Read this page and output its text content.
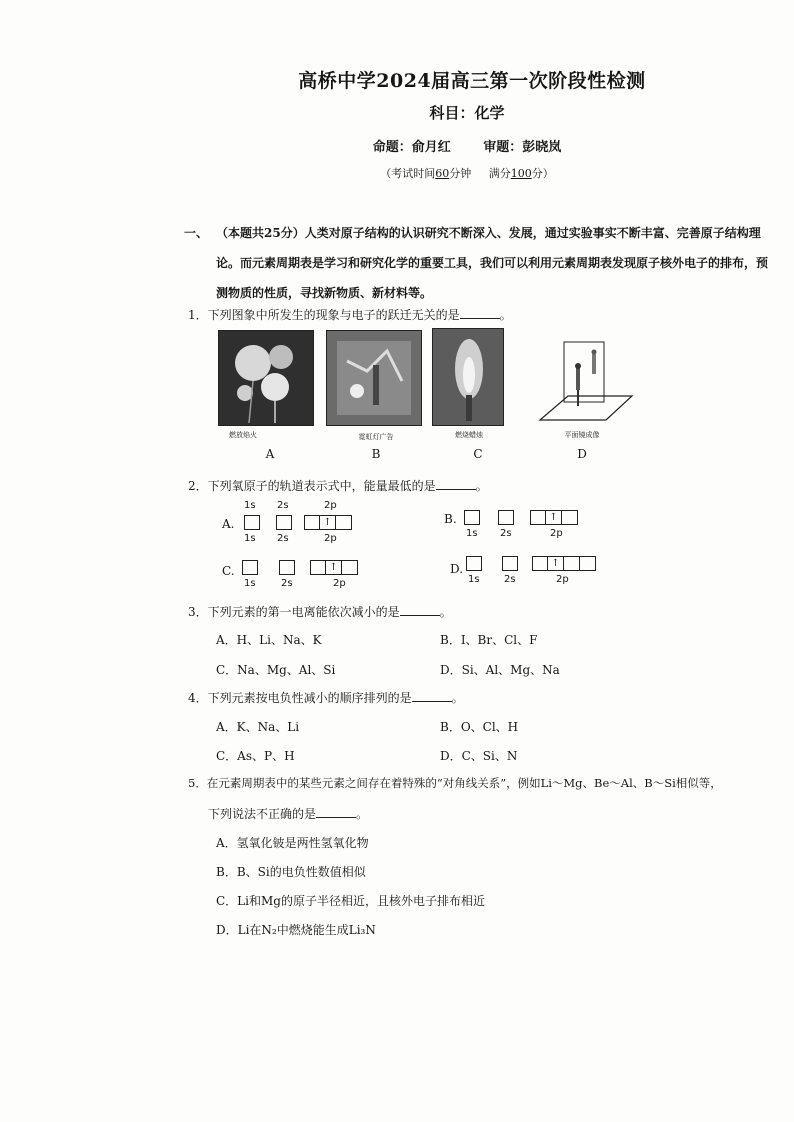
高桥中学2024届高三第一次阶段性检测
科目：化学
命题：俞月红	审题：彭晓岚
（考试时间60分钟 满分100分）
一、 （本题共25分）人类对原子结构的认识研究不断深入、发展，通过实验事实不断丰富、完善原子结构理论。而元素周期表是学习和研究化学的重要工具，我们可以利用元素周期表发现原子核外电子的排布，预测物质的性质，寻找新物质、新材料等。
1．下列图象中所发生的现象与电子的跃迁无关的是	。
燃放焰火	霓虹灯广告	燃烧蜡烛	平面镜成像
A	B	C	D
2．下列氧原子的轨道表示式中，能量最低的是	。
1s 2s	2p
A.	↑
1s 2s	2p
B.	↑
1s 2s	2p
C.	↑
1s	2s	2p
D.	↑
1s 2s	2p
3．下列元素的第一电离能依次减小的是	。
A．H、Li、Na、K	B．I、Br、Cl、F
C．Na、Mg、Al、Si	D．Si、Al、Mg、Na
4．下列元素按电负性减小的顺序排列的是	。
A．K、Na、Li	B．O、Cl、H
C．As、P、H	D．C、Si、N
5．在元素周期表中的某些元素之间存在着特殊的“对角线关系”，例如Li～Mg、Be～Al、B～Si相似等，
下列说法不正确的是	。
A．氢氧化铍是两性氢氧化物
B．B、Si的电负性数值相似
C．Li和Mg的原子半径相近，且核外电子排布相近
D．Li在N₂中燃烧能生成Li₃N
